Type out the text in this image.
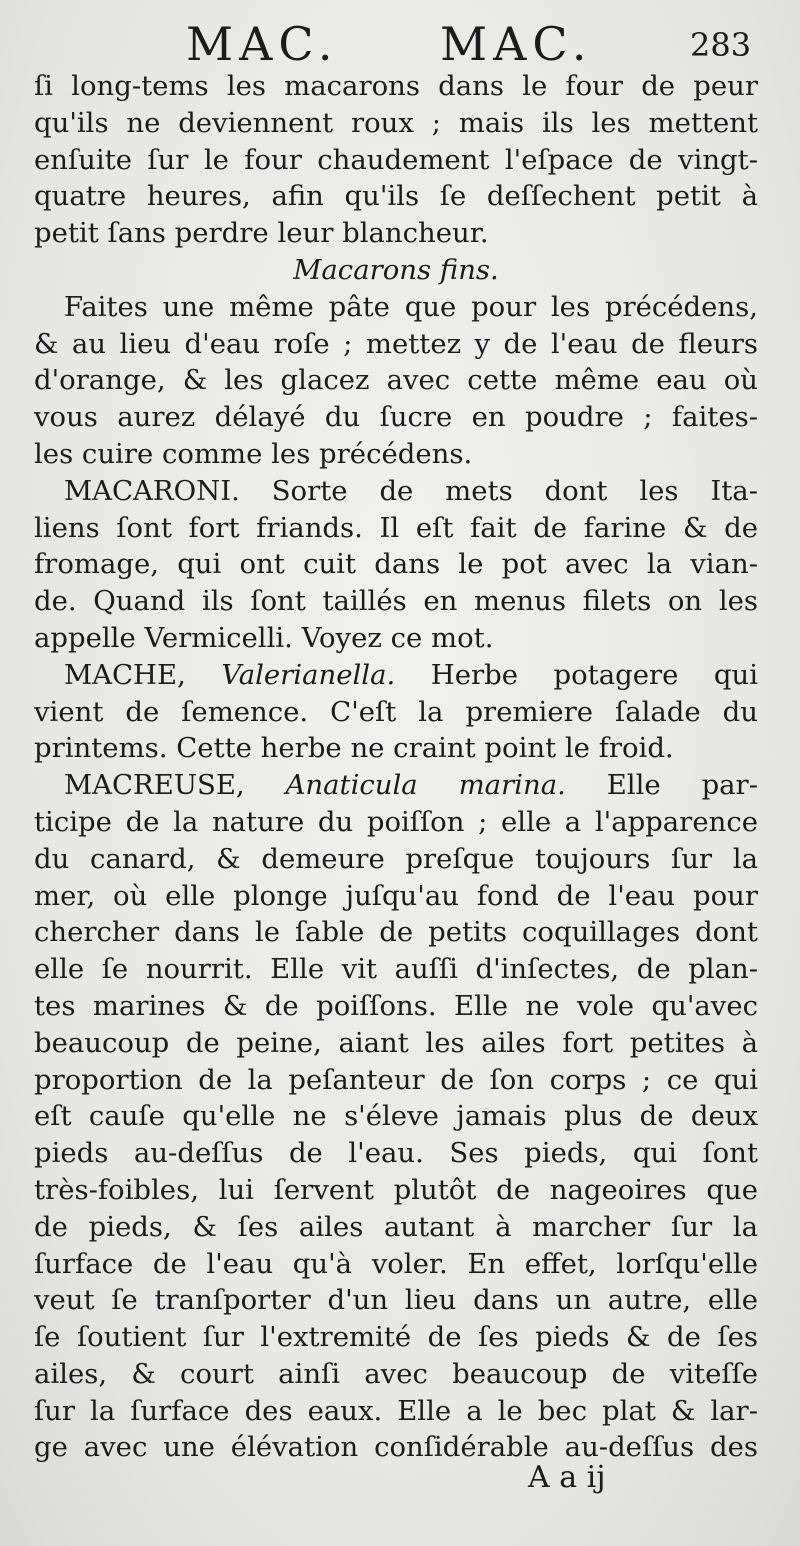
MAC. MAC.	283
ſi long-tems les macarons dans le four de peur
qu'ils ne deviennent roux ; mais ils les mettent
enſuite ſur le four chaudement l'eſpace de vingt-
quatre heures, afin qu'ils ſe deſſechent petit à
petit ſans perdre leur blancheur.
Macarons fins.
Faites une même pâte que pour les précédens,
& au lieu d'eau roſe ; mettez y de l'eau de fleurs
d'orange, & les glacez avec cette même eau où
vous aurez délayé du ſucre en poudre ; faites-
les cuire comme les précédens.
MACARONI. Sorte de mets dont les Ita-
liens ſont fort friands. Il eſt fait de farine & de
fromage, qui ont cuit dans le pot avec la vian-
de. Quand ils ſont taillés en menus filets on les
appelle Vermicelli. Voyez ce mot.
MACHE, Valerianella. Herbe potagere qui
vient de ſemence. C'eſt la premiere ſalade du
printems. Cette herbe ne craint point le froid.
MACREUSE, Anaticula marina. Elle par-
ticipe de la nature du poiſſon ; elle a l'apparence
du canard, & demeure preſque toujours ſur la
mer, où elle plonge juſqu'au fond de l'eau pour
chercher dans le ſable de petits coquillages dont
elle ſe nourrit. Elle vit auſſi d'inſectes, de plan-
tes marines & de poiſſons. Elle ne vole qu'avec
beaucoup de peine, aiant les ailes fort petites à
proportion de la peſanteur de ſon corps ; ce qui
eſt cauſe qu'elle ne s'éleve jamais plus de deux
pieds au-deſſus de l'eau. Ses pieds, qui ſont
très-foibles, lui ſervent plutôt de nageoires que
de pieds, & ſes ailes autant à marcher ſur la
ſurface de l'eau qu'à voler. En effet, lorſqu'elle
veut ſe tranſporter d'un lieu dans un autre, elle
ſe ſoutient ſur l'extremité de ſes pieds & de ſes
ailes, & court ainſi avec beaucoup de viteſſe
ſur la ſurface des eaux. Elle a le bec plat & lar-
ge avec une élévation conſidérable au-deſſus des
A a ij
